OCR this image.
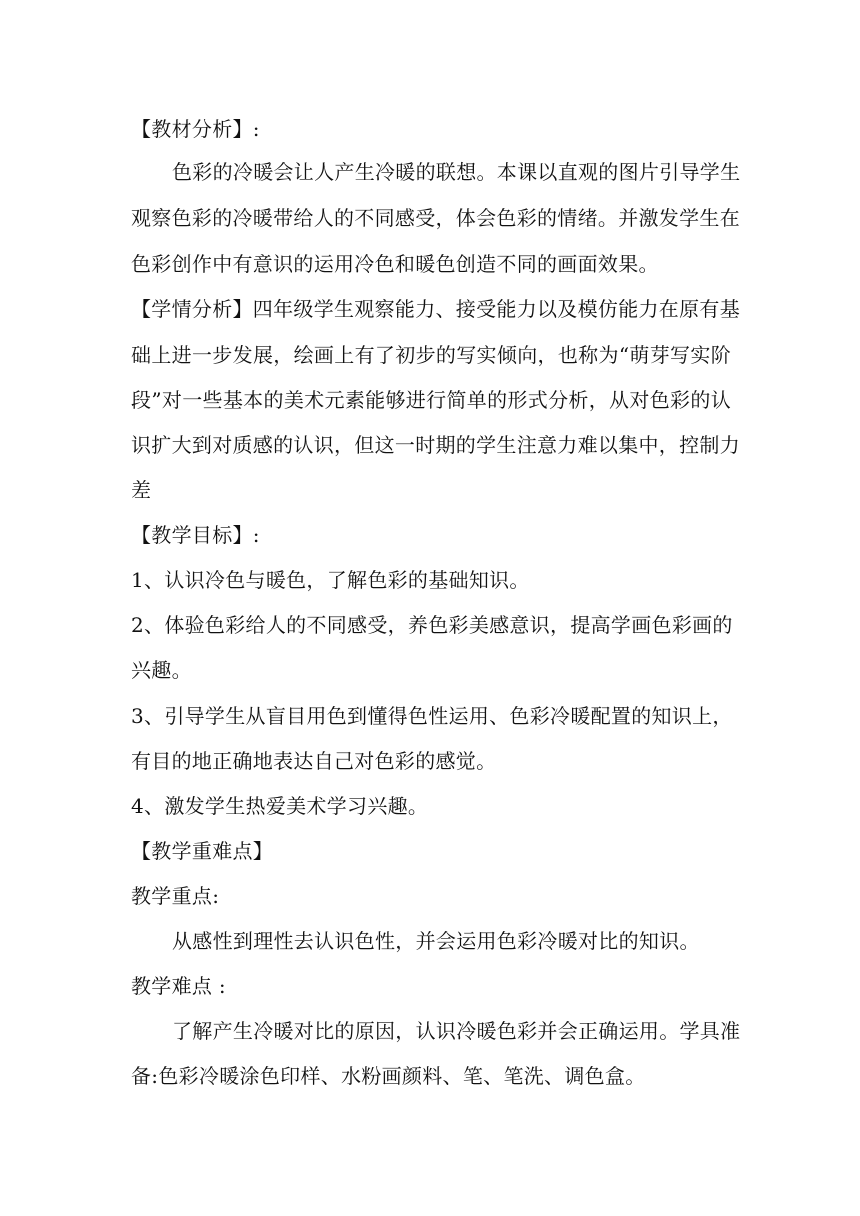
【教材分析】:
色彩的冷暖会让人产生冷暖的联想。本课以直观的图片引导学生
观察色彩的冷暖带给人的不同感受，体会色彩的情绪。并激发学生在
色彩创作中有意识的运用冷色和暖色创造不同的画面效果。
【学情分析】四年级学生观察能力、接受能力以及模仿能力在原有基
础上进一步发展，绘画上有了初步的写实倾向，也称为“萌芽写实阶
段”对一些基本的美术元素能够进行简单的形式分析，从对色彩的认
识扩大到对质感的认识，但这一时期的学生注意力难以集中，控制力
差
【教学目标】:
1、认识冷色与暖色，了解色彩的基础知识。
2、体验色彩给人的不同感受，养色彩美感意识，提高学画色彩画的
兴趣。
3、引导学生从盲目用色到懂得色性运用、色彩冷暖配置的知识上，
有目的地正确地表达自己对色彩的感觉。
4、激发学生热爱美术学习兴趣。
【教学重难点】
教学重点:
从感性到理性去认识色性，并会运用色彩冷暖对比的知识。
教学难点 :
了解产生冷暖对比的原因，认识冷暖色彩并会正确运用。学具准
备:色彩冷暖涂色印样、水粉画颜料、笔、笔洗、调色盒。
